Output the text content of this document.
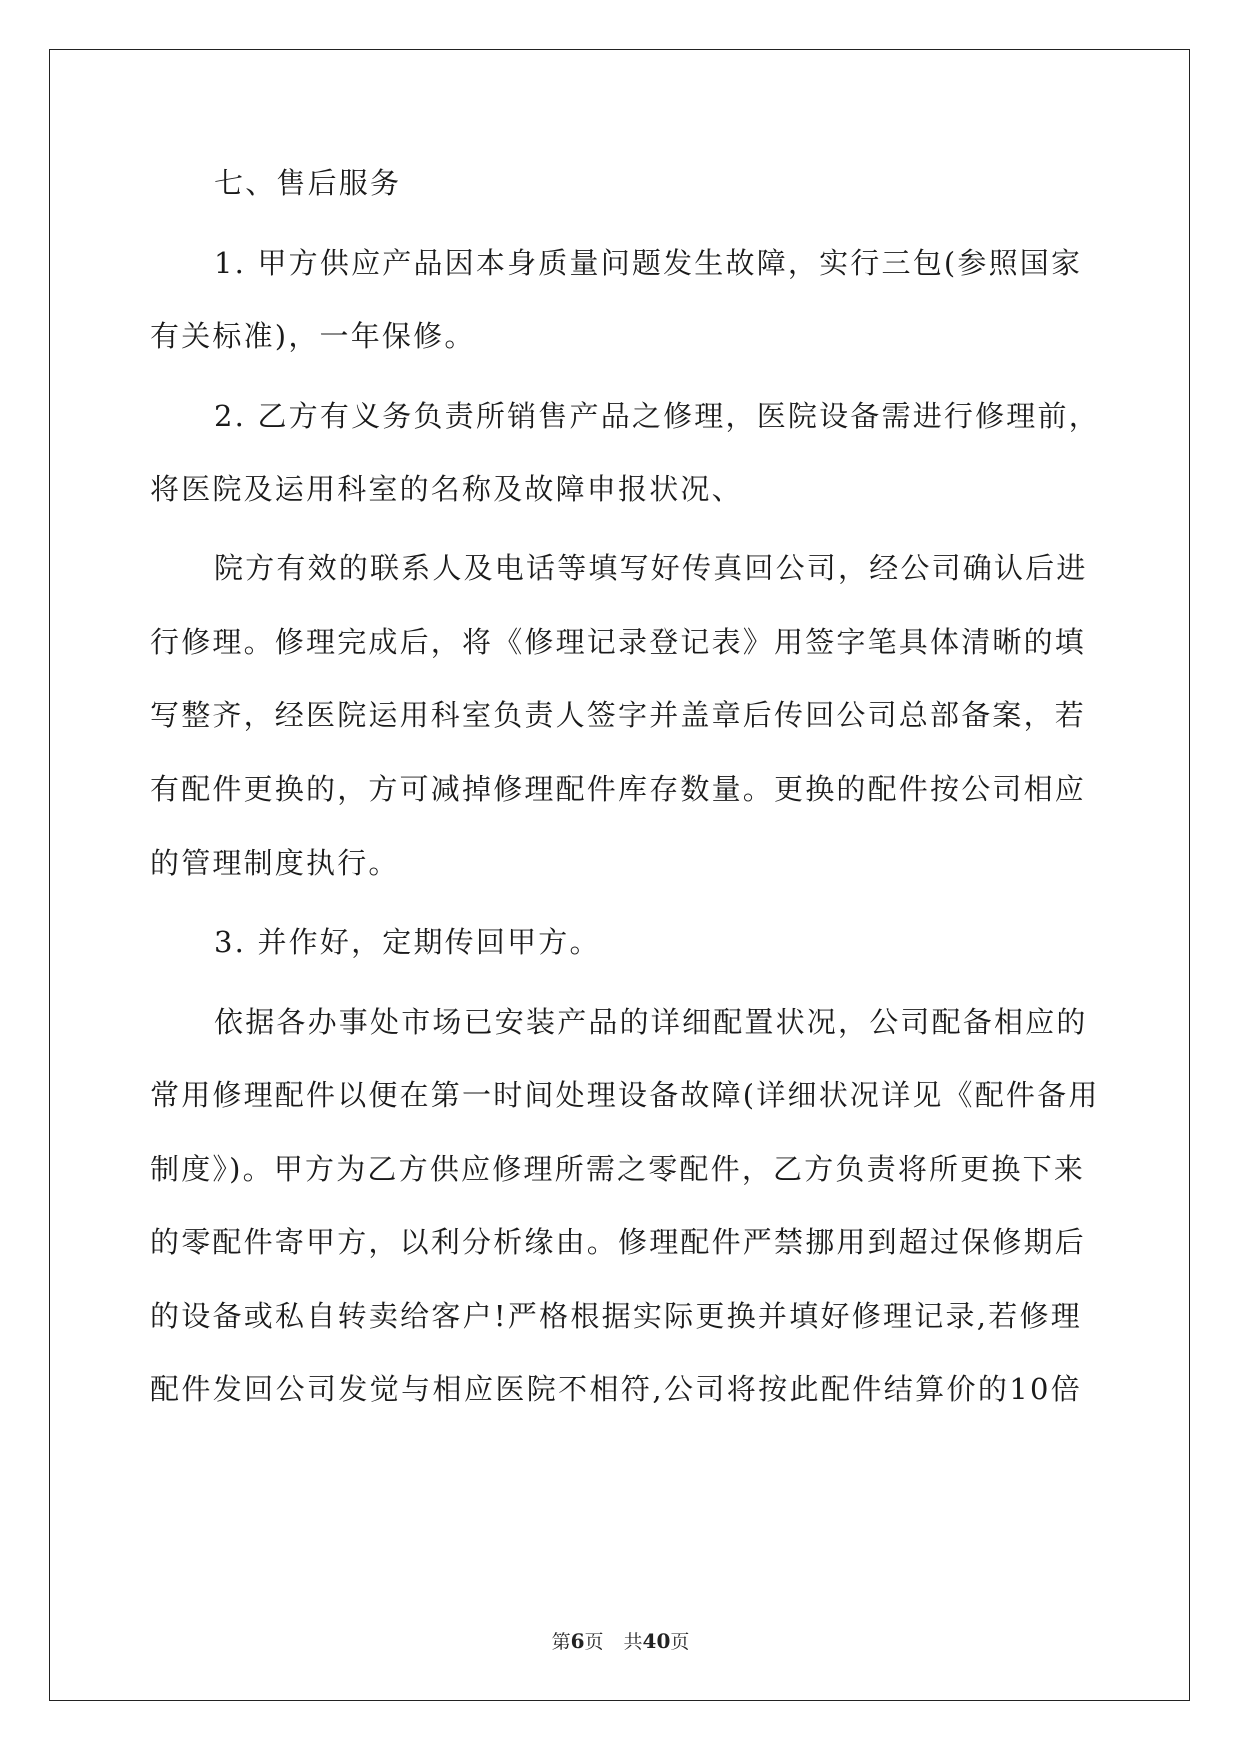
七、售后服务
1. 甲方供应产品因本身质量问题发生故障，实行三包(参照国家
有关标准)，一年保修。
2. 乙方有义务负责所销售产品之修理，医院设备需进行修理前，
将医院及运用科室的名称及故障申报状况、
院方有效的联系人及电话等填写好传真回公司，经公司确认后进
行修理。修理完成后，将《修理记录登记表》用签字笔具体清晰的填
写整齐，经医院运用科室负责人签字并盖章后传回公司总部备案，若
有配件更换的，方可减掉修理配件库存数量。更换的配件按公司相应
的管理制度执行。
3. 并作好，定期传回甲方。
依据各办事处市场已安装产品的详细配置状况，公司配备相应的
常用修理配件以便在第一时间处理设备故障(详细状况详见《配件备用
制度》)。甲方为乙方供应修理所需之零配件，乙方负责将所更换下来
的零配件寄甲方，以利分析缘由。修理配件严禁挪用到超过保修期后
的设备或私自转卖给客户!严格根据实际更换并填好修理记录,若修理
配件发回公司发觉与相应医院不相符,公司将按此配件结算价的10倍
第6页 共40页
